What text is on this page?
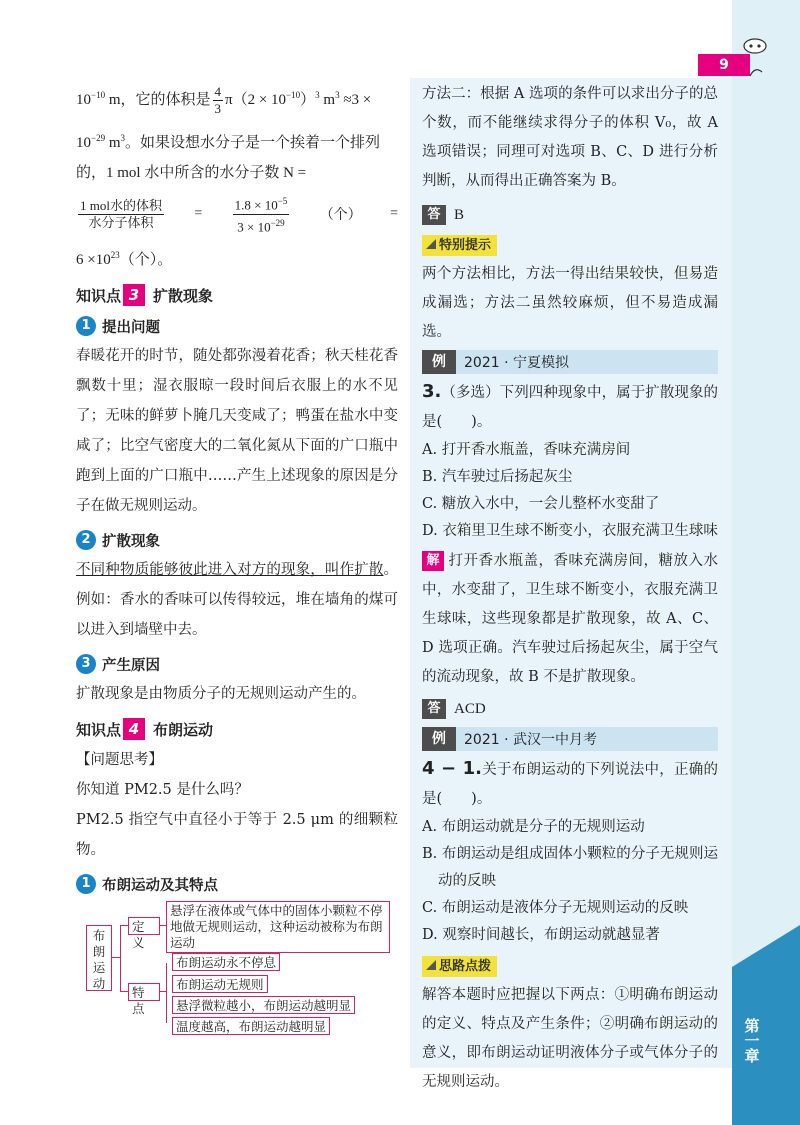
第一章
9
$10^{-10}$ m，它的体积是 $\frac{4}{3} \pi(2 \times 10^{-10})^3$ $m^3 \approx 3$ ×
$10^{-29}$ $m^3$。如果设想水分子是一个挨着一个排列
的，1 mol 水中所含的水分子数 N =
$\frac{\text{1 mol水的体积}}{\text{水分子体积}} = \frac{1.8 \times 10^{-5}}{3 \times 10^{-29}}$ （个） =
$6 \times 10^{23}$（个）。
知识点 3 扩散现象
1 提出问题
春暖花开的时节，随处都弥漫着花香；秋天桂花香飘数十里；湿衣服晾一段时间后衣服上的水不见了；无味的鲜萝卜腌几天变咸了；鸭蛋在盐水中变咸了；比空气密度大的二氧化氮从下面的广口瓶中跑到上面的广口瓶中……产生上述现象的原因是分子在做无规则运动。
2 扩散现象
不同种物质能够彼此进入对方的现象，叫作扩散。例如：香水的香味可以传得较远，堆在墙角的煤可以进入到墙壁中去。
3 产生原因
扩散现象是由物质分子的无规则运动产生的。
知识点 4 布朗运动
【问题思考】
你知道 PM2.5 是什么吗？
PM2.5 指空气中直径小于等于 2.5 μm 的细颗粒物。
1 布朗运动及其特点
布朗运动
定义
特点
悬浮在液体或气体中的固体小颗粒不停地做无规则运动，这种运动被称为布朗运动
布朗运动永不停息
布朗运动无规则
悬浮微粒越小，布朗运动越明显
温度越高，布朗运动越明显
方法二：根据 A 选项的条件可以求出分子的总个数，而不能继续求得分子的体积 V₀，故 A 选项错误；同理可对选项 B、C、D 进行分析判断，从而得出正确答案为 B。
答 B
特别提示
两个方法相比，方法一得出结果较快，但易造成漏选；方法二虽然较麻烦，但不易造成漏选。
例	2021 · 宁夏模拟
3.（多选）下列四种现象中，属于扩散现象的是(　　)。
A. 打开香水瓶盖，香味充满房间
B. 汽车驶过后扬起灰尘
C. 糖放入水中，一会儿整杯水变甜了
D. 衣箱里卫生球不断变小，衣服充满卫生球味
解 打开香水瓶盖，香味充满房间，糖放入水中，水变甜了，卫生球不断变小，衣服充满卫生球味，这些现象都是扩散现象，故 A、C、D 选项正确。汽车驶过后扬起灰尘，属于空气的流动现象，故 B 不是扩散现象。
答 ACD
例	2021 · 武汉一中月考
4 − 1.关于布朗运动的下列说法中，正确的是(　　)。
A. 布朗运动就是分子的无规则运动
B. 布朗运动是组成固体小颗粒的分子无规则运动的反映
C. 布朗运动是液体分子无规则运动的反映
D. 观察时间越长，布朗运动就越显著
思路点拨
解答本题时应把握以下两点：①明确布朗运动的定义、特点及产生条件；②明确布朗运动的意义，即布朗运动证明液体分子或气体分子的无规则运动。
